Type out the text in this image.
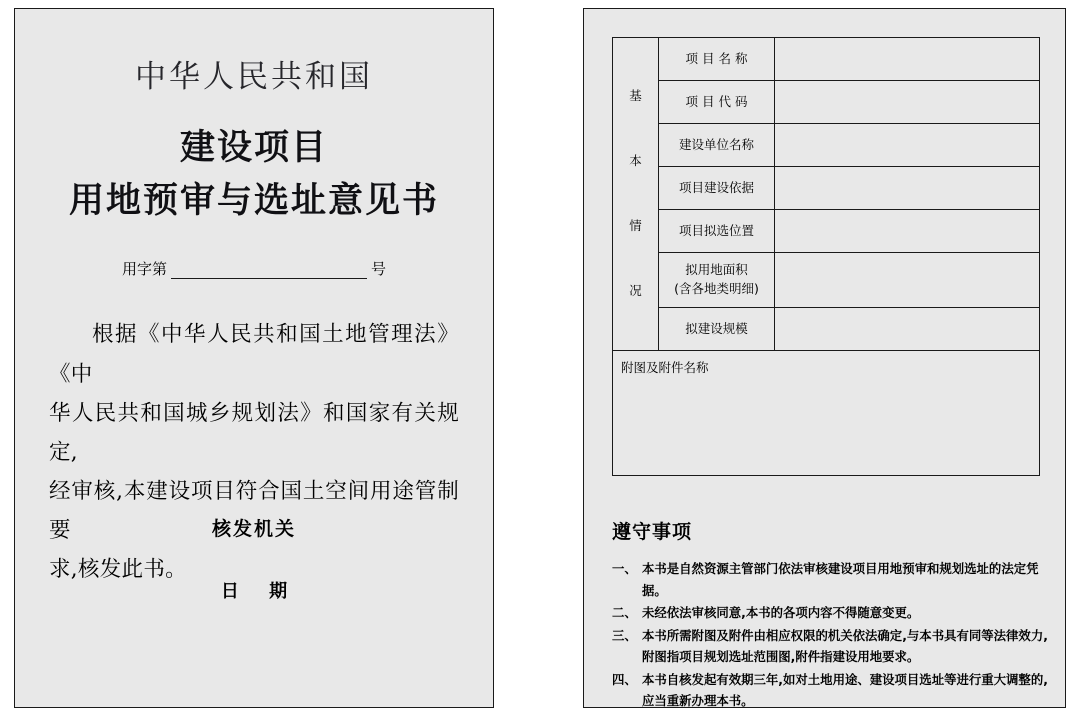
中华人民共和国
建设项目
用地预审与选址意见书
用字第	号
根据《中华人民共和国土地管理法》《中
华人民共和国城乡规划法》和国家有关规定,
经审核,本建设项目符合国土空间用途管制要
求,核发此书。
核发机关
日 期
基
本
情
况
项 目 名 称
项 目 代 码
建设单位名称
项目建设依据
项目拟选位置
拟用地面积
(含各地类明细)
拟建设规模
附图及附件名称
遵守事项
一、 本书是自然资源主管部门依法审核建设项目用地预审和规划选址的法定凭据。
二、 未经依法审核同意,本书的各项内容不得随意变更。
三、 本书所需附图及附件由相应权限的机关依法确定,与本书具有同等法律效力,附图指项目规划选址范围图,附件指建设用地要求。
四、 本书自核发起有效期三年,如对土地用途、建设项目选址等进行重大调整的,应当重新办理本书。
